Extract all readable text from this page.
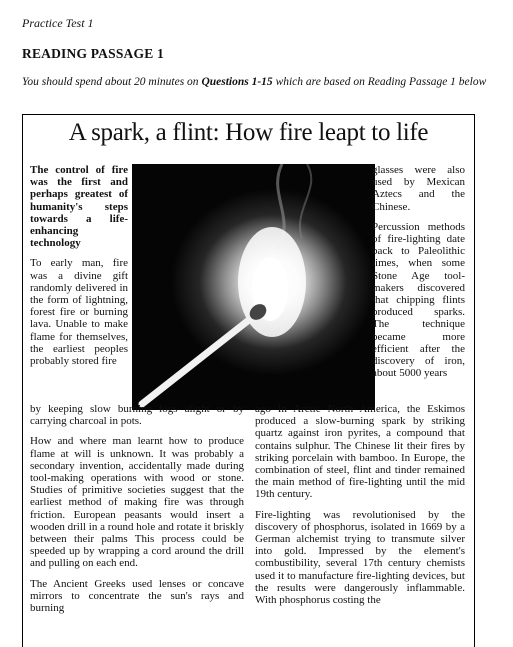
Practice Test 1
READING PASSAGE 1
You should spend about 20 minutes on Questions 1-15 which are based on Reading Passage 1 below
A spark, a flint: How fire leapt to life

The control of fire was the first and perhaps greatest of humanity's steps towards a life-enhancing technology

To early man, fire was a divine gift randomly delivered in the form of lightning, forest fire or burning lava. Unable to make flame for themselves, the earliest peoples probably stored fire

by keeping slow burning logs alight or by carrying charcoal in pots.

How and where man learnt how to produce flame at will is unknown. It was probably a secondary invention, accidentally made during tool-making operations with wood or stone. Studies of primitive societies suggest that the earliest method of making fire was through friction. European peasants would insert a wooden drill in a round hole and rotate it briskly between their palms This process could be speeded up by wrapping a cord around the drill and pulling on each end.

The Ancient Greeks used lenses or concave mirrors to concentrate the sun's rays and burning

glasses were also used by Mexican Aztecs and the Chinese.

Percussion methods of fire-lighting date back to Paleolithic times, when some Stone Age tool-makers discovered that chipping flints produced sparks. The technique became more efficient after the discovery of iron, about 5000 years

ago In Arctic North America, the Eskimos produced a slow-burning spark by striking quartz against iron pyrites, a compound that contains sulphur. The Chinese lit their fires by striking porcelain with bamboo. In Europe, the combination of steel, flint and tinder remained the main method of fire-lighting until the mid 19th century.

Fire-lighting was revolutionised by the discovery of phosphorus, isolated in 1669 by a German alchemist trying to transmute silver into gold. Impressed by the element's combustibility, several 17th century chemists used it to manufacture fire-lighting devices, but the results were dangerously inflammable. With phosphorus costing the
